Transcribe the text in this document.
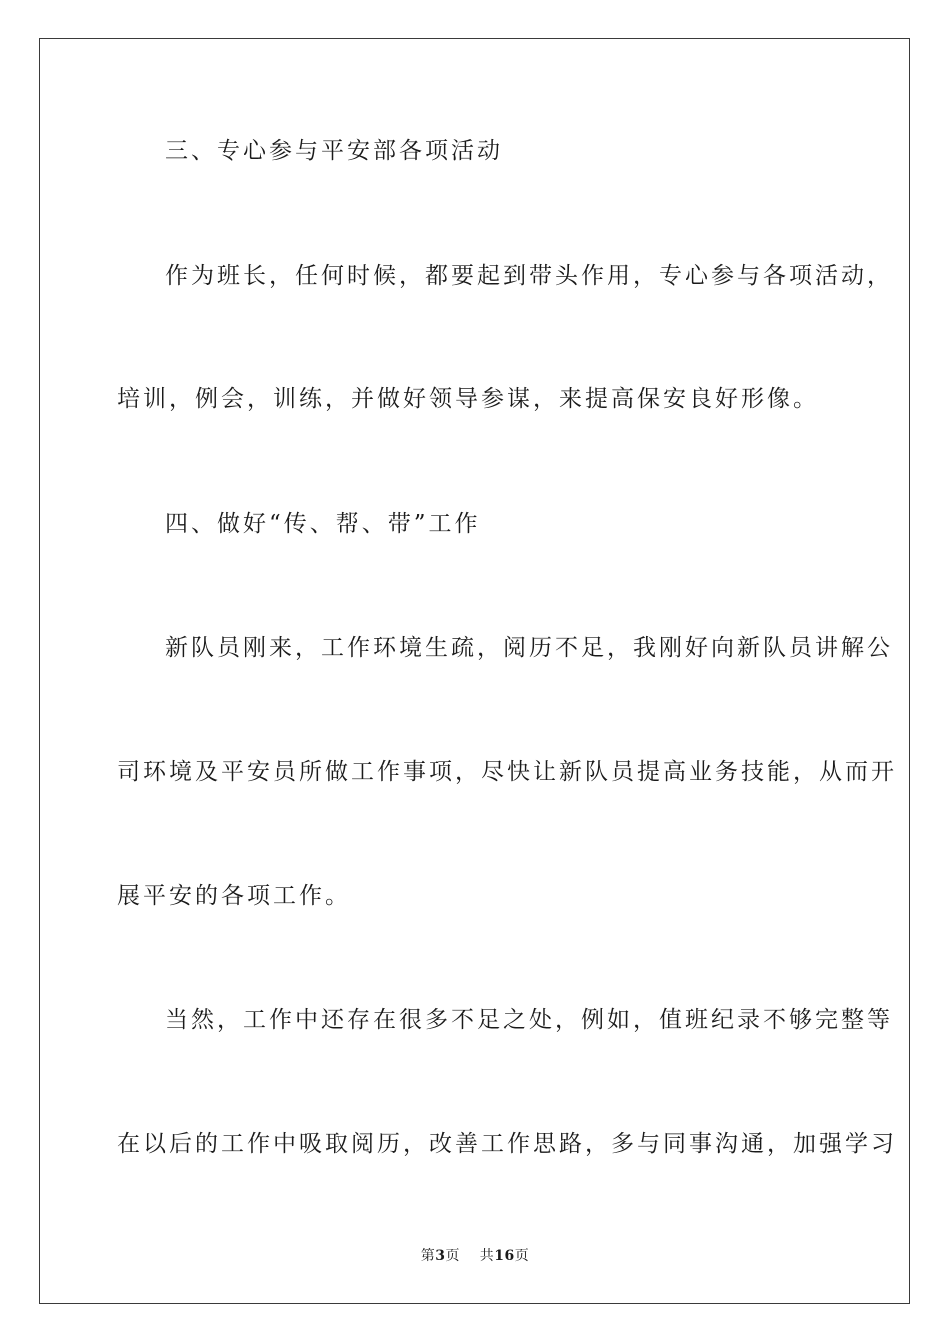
三、专心参与平安部各项活动
作为班长，任何时候，都要起到带头作用，专心参与各项活动，
培训，例会，训练，并做好领导参谋，来提高保安良好形像。
四、做好“传、帮、带”工作
新队员刚来，工作环境生疏，阅历不足，我刚好向新队员讲解公
司环境及平安员所做工作事项，尽快让新队员提高业务技能，从而开
展平安的各项工作。
当然，工作中还存在很多不足之处，例如，值班纪录不够完整等
在以后的工作中吸取阅历，改善工作思路，多与同事沟通，加强学习
第3页 共16页
